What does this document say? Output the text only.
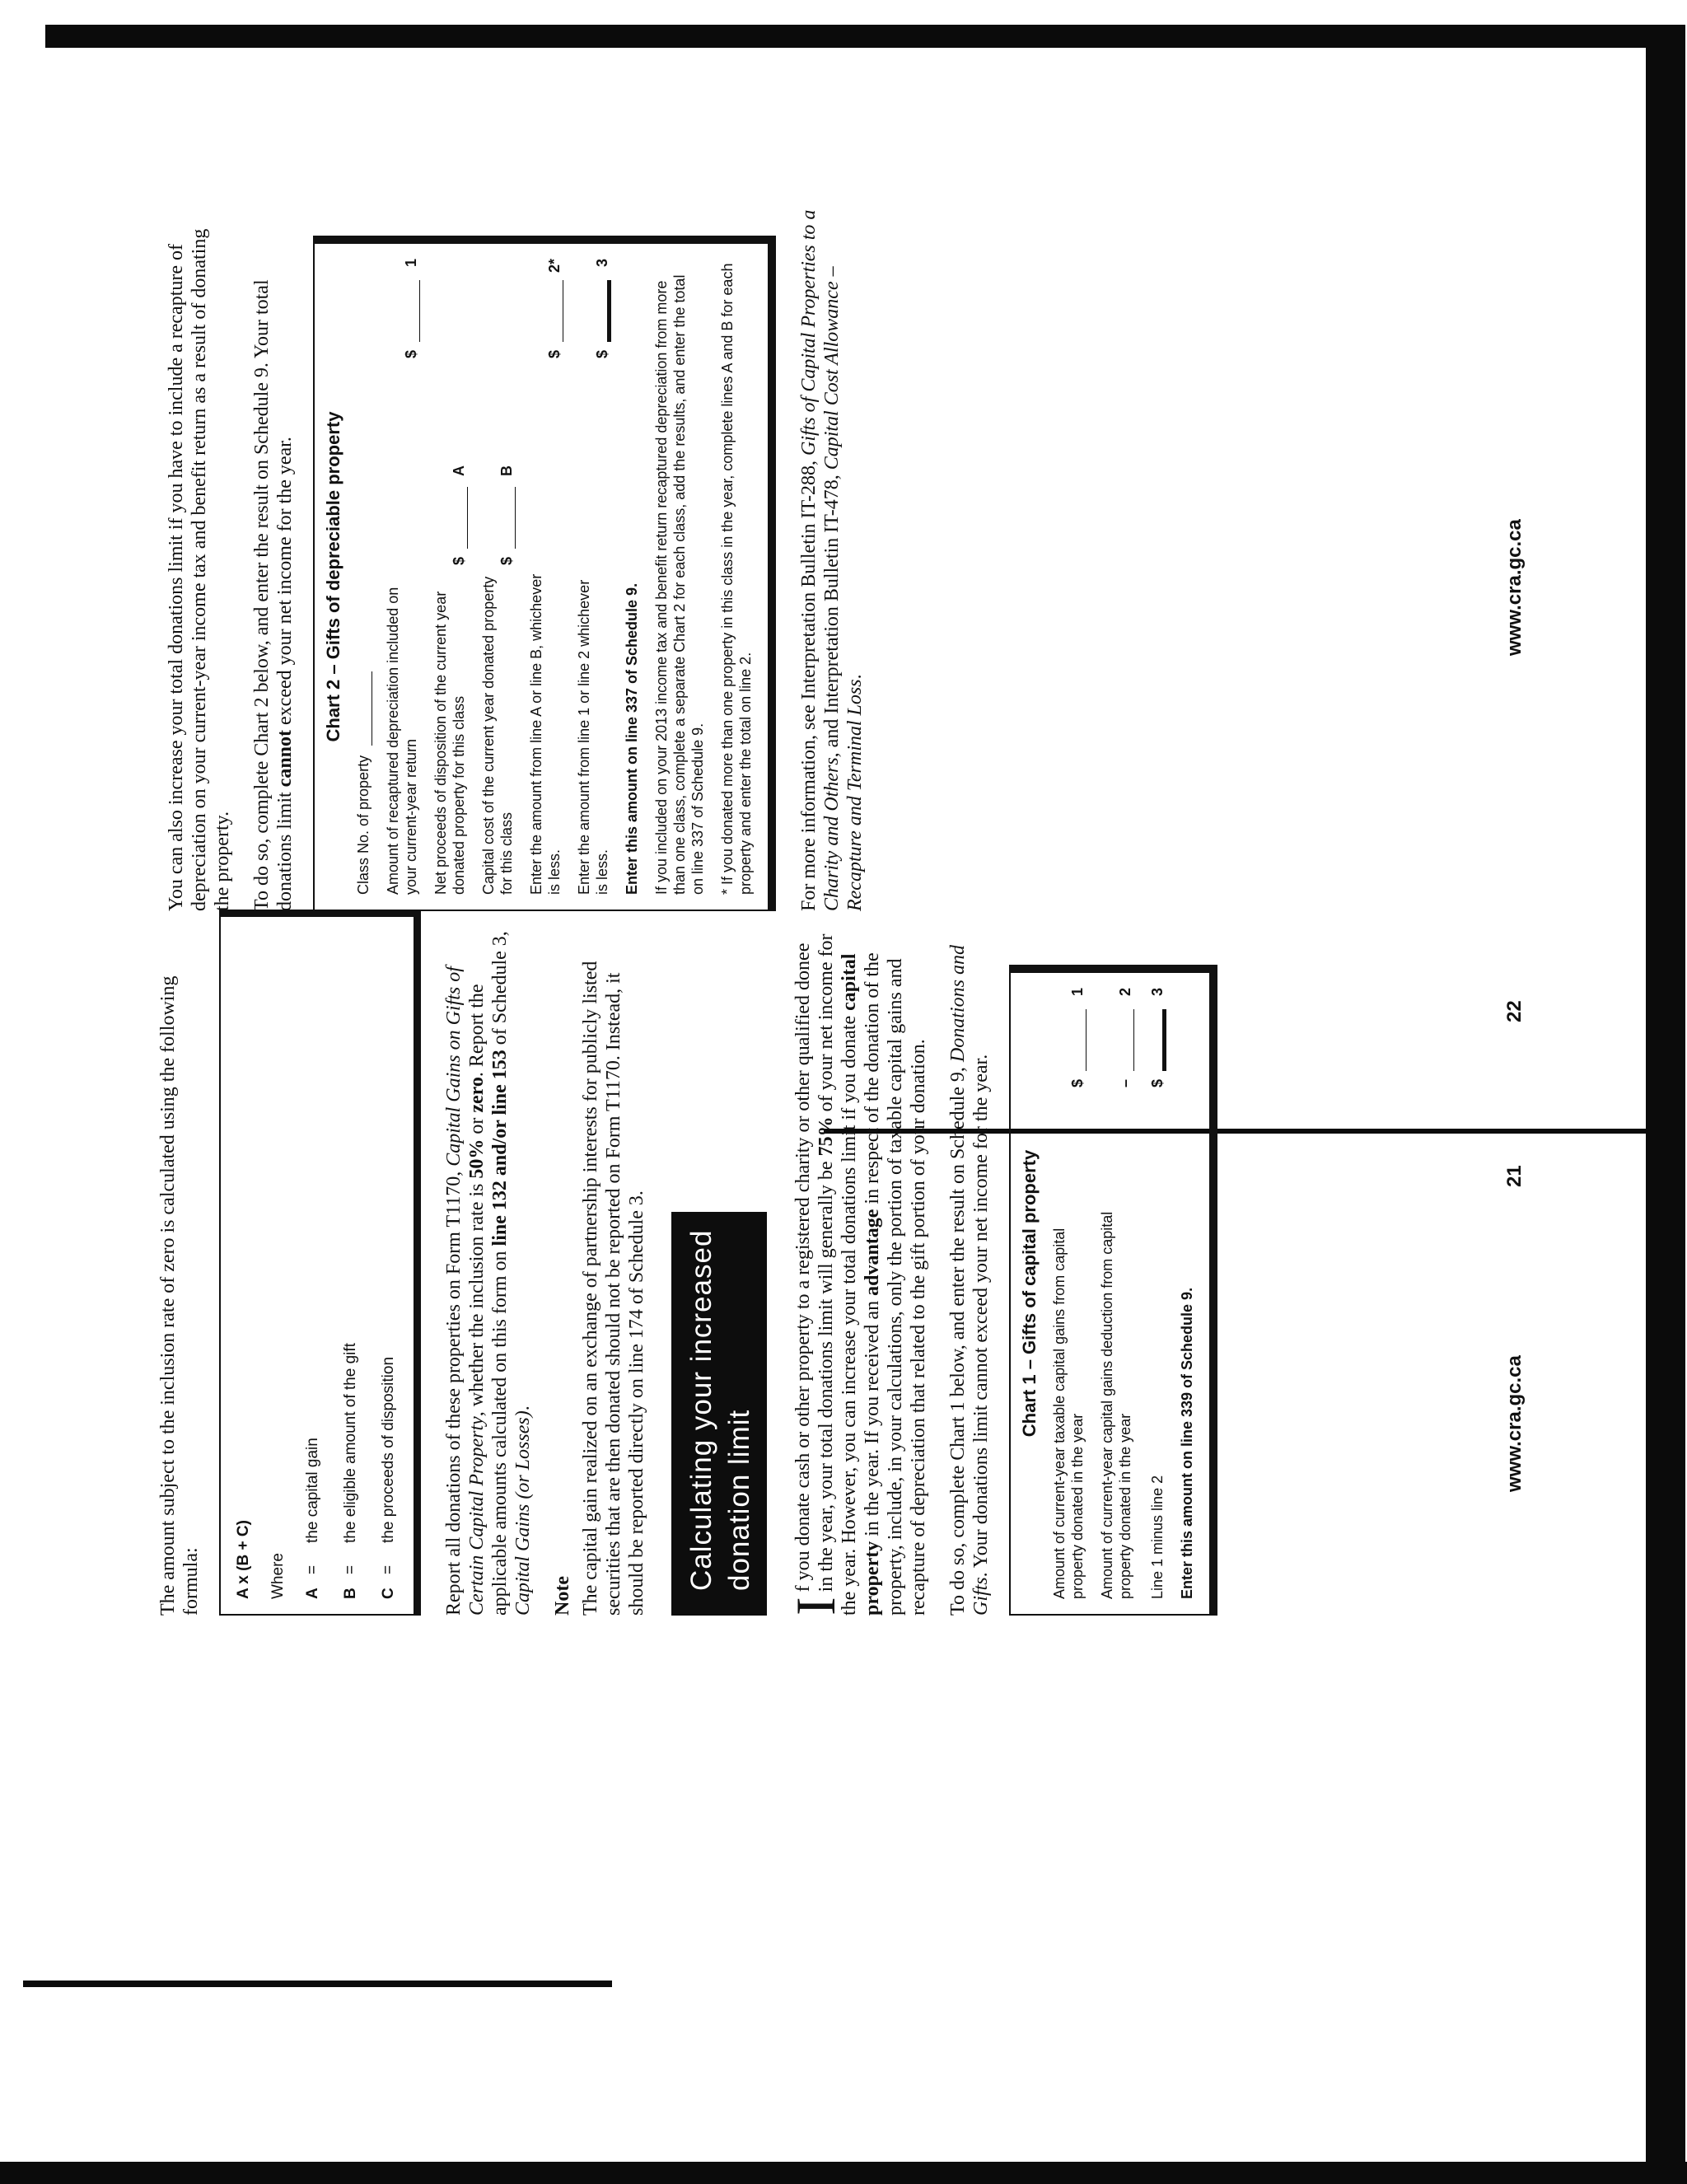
The amount subject to the inclusion rate of zero is calculated using the following formula: A x (B + C) Where A
=
the capital gain
B
=
the eligible amount of the gift
C
=
the proceeds of disposition Report all donations of these properties on Form T1170, Capital Gains on Gifts of Certain Capital Property, whether the inclusion rate is 50% or zero. Report the applicable amounts calculated on this form on line 132 and/or line 153 of Schedule 3, Capital Gains (or Losses).

Note The capital gain realized on an exchange of partnership interests for publicly listed securities that are then donated should not be reported on Form T1170. Instead, it should be reported directly on line 174 of Schedule 3. Calculating your increased donation limit

I
f you donate cash or other property to a registered charity or other qualified donee in the year, your total donations limit will generally be 75% of your net income for the year. However, you can increase your total donations limit if you donate capital property in the year. If you received an advantage in respect of the donation of the property, include, in your calculations, only the portion of taxable capital gains and recapture of depreciation that related to the gift portion of your donation. To do so, complete Chart 1 below, and enter the result on Schedule 9, Donations and Gifts. Your donations limit cannot exceed your net income for the year. Chart 1 – Gifts of capital property Amount of current-year taxable capital gains from capital property donated in the year
$
1
Amount of current-year capital gains deduction from capital property donated in the year
–
2
Line 1 minus line 2
$
3
Enter this amount on line 339 of Schedule 9.

You can also increase your total donations limit if you have to include a recapture of depreciation on your current-year income tax and benefit return as a result of donating the property. To do so, complete Chart 2 below, and enter the result on Schedule 9. Your total donations limit cannot exceed your net income for the year. Chart 2 – Gifts of depreciable property
Class No. of property Amount of recaptured depreciation included on your current-year return
$
1
Net proceeds of disposition of the current year donated property for this class
$
A
Capital cost of the current year donated property for this class
$
B
Enter the amount from line A or line B, whichever is less.
$
2*
Enter the amount from line 1 or line 2 whichever is less.
$
3
Enter this amount on line 337 of Schedule 9. If you included on your 2013 income tax and benefit return recaptured depreciation from more than one class, complete a separate Chart 2 for each class, add the results, and enter the total on line 337 of Schedule 9. * If you donated more than one property in this class in the year, complete lines A and B for each property and enter the total on line 2. For more information, see Interpretation Bulletin IT-288, Gifts of Capital Properties to a Charity and Others, and Interpretation Bulletin IT-478, Capital Cost Allowance – Recapture and Terminal Loss.

www.cra.gc.ca
21
22
www.cra.gc.ca
